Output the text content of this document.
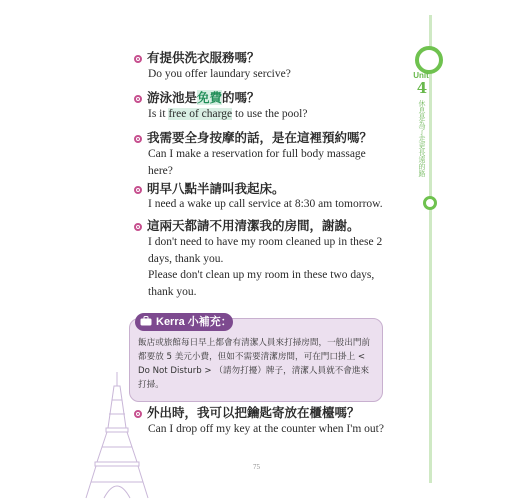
有提供洗衣服務嗎？
Do you offer laundary sercive?
游泳池是免費的嗎？
Is it free of charge to use the pool?
我需要全身按摩的話，是在這裡預約嗎？
Can I make a reservation for full body massage here?
明早八點半請叫我起床。
I need a wake up call service at 8:30 am tomorrow.
這兩天都請不用清潔我的房間，謝謝。
I don't need to have my room cleaned up in these 2 days, thank you.
Please don't clean up my room in these two days, thank you.
Kerra 小補充：
飯店或旅館每日早上都會有清潔人員來打掃房間，一般出門前都要放 5 美元小費，但如不需要清潔房間，可在門口掛上 < Do Not Disturb > （請勿打擾）牌子，清潔人員就不會進來打掃。
外出時，我可以把鑰匙寄放在櫃檯嗎？
Can I drop off my key at the counter when I'm out?
Unit
4
休息是為了走更長遠的路
75
